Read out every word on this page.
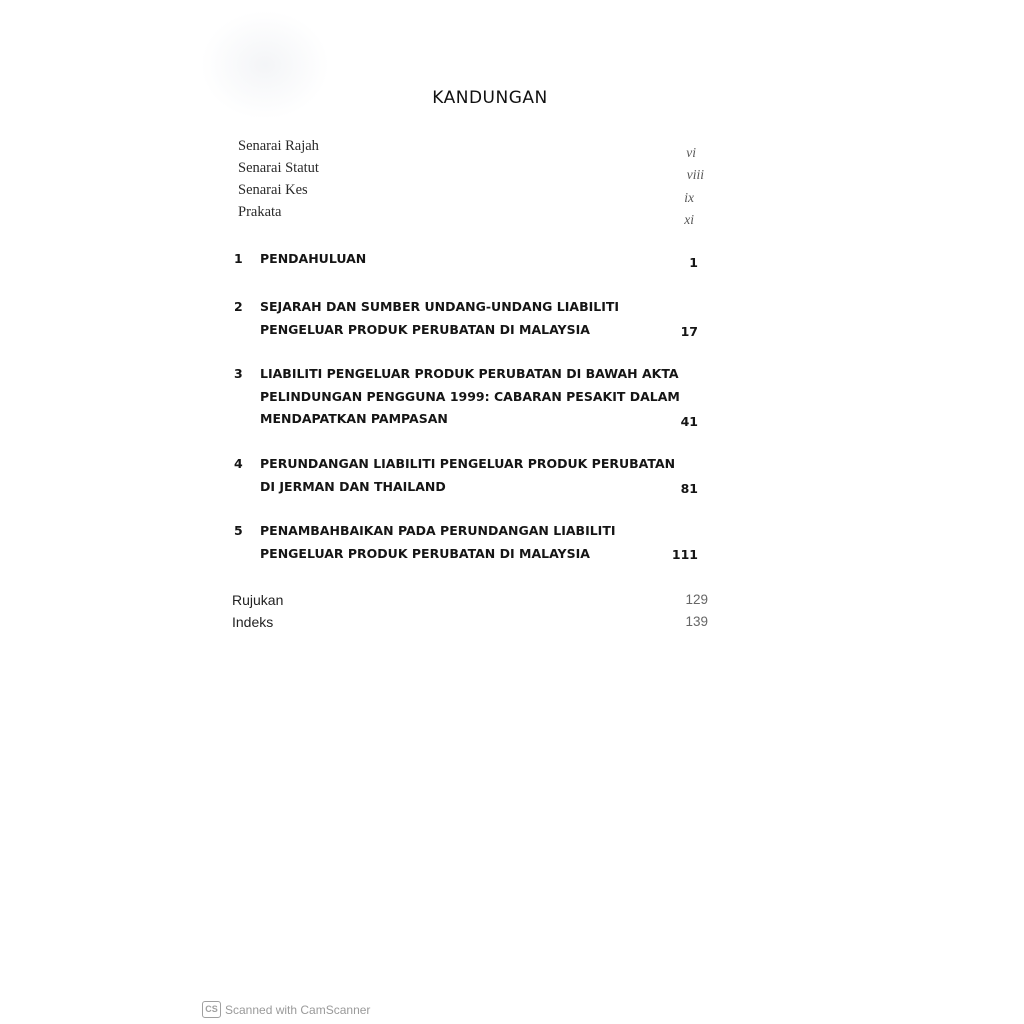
KANDUNGAN
Senarai Rajah	vi
Senarai Statut	viii
Senarai Kes	ix
Prakata	xi
1 PENDAHULUAN	1
2 SEJARAH DAN SUMBER UNDANG-UNDANG LIABILITI
PENGELUAR PRODUK PERUBATAN DI MALAYSIA	17
3 LIABILITI PENGELUAR PRODUK PERUBATAN DI BAWAH AKTA
PELINDUNGAN PENGGUNA 1999: CABARAN PESAKIT DALAM
MENDAPATKAN PAMPASAN	41
4 PERUNDANGAN LIABILITI PENGELUAR PRODUK PERUBATAN
DI JERMAN DAN THAILAND	81
5 PENAMBAHBAIKAN PADA PERUNDANGAN LIABILITI
PENGELUAR PRODUK PERUBATAN DI MALAYSIA	111
Rujukan	129
Indeks	139
CS Scanned with CamScanner
